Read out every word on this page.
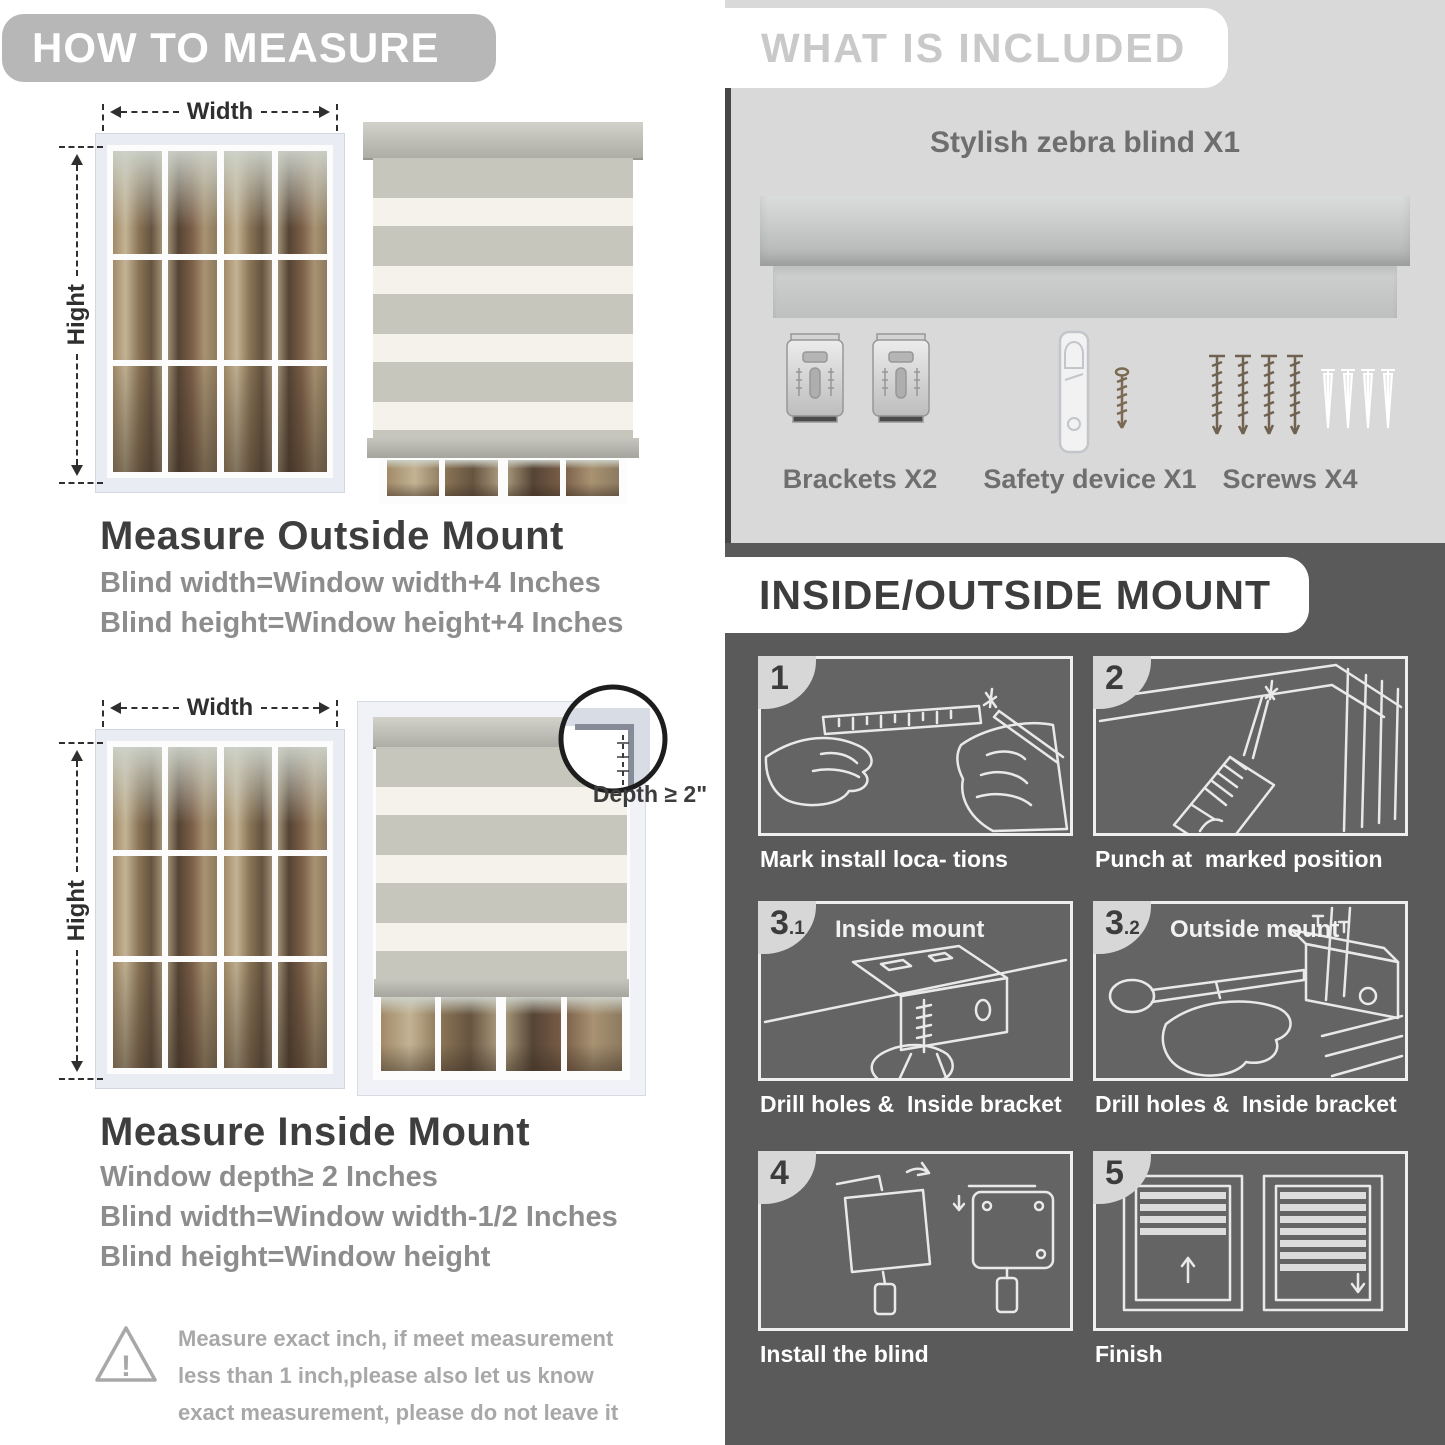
HOW TO MEASURE
Width
Hight
Measure Outside Mount
Blind width=Window width+4 Inches
Blind height=Window height+4 Inches
Width
Hight
Depth ≥ 2"
Measure Inside Mount
Window depth≥ 2 Inches
Blind width=Window width-1/2 Inches
Blind height=Window height
!
Measure exact inch, if meet measurement less than 1 inch,please also let us know exact measurement, please do not leave it
WHAT IS INCLUDED
Stylish zebra blind X1
Brackets X2	Safety device X1 Screws X4
INSIDE/OUTSIDE MOUNT
1
Mark install loca- tions
2
Punch at  marked position
3 .1 Inside mount
Drill holes &  Inside bracket
3 .2 Outside mount
Drill holes &  Inside bracket
4
Install the blind
5
Finish
